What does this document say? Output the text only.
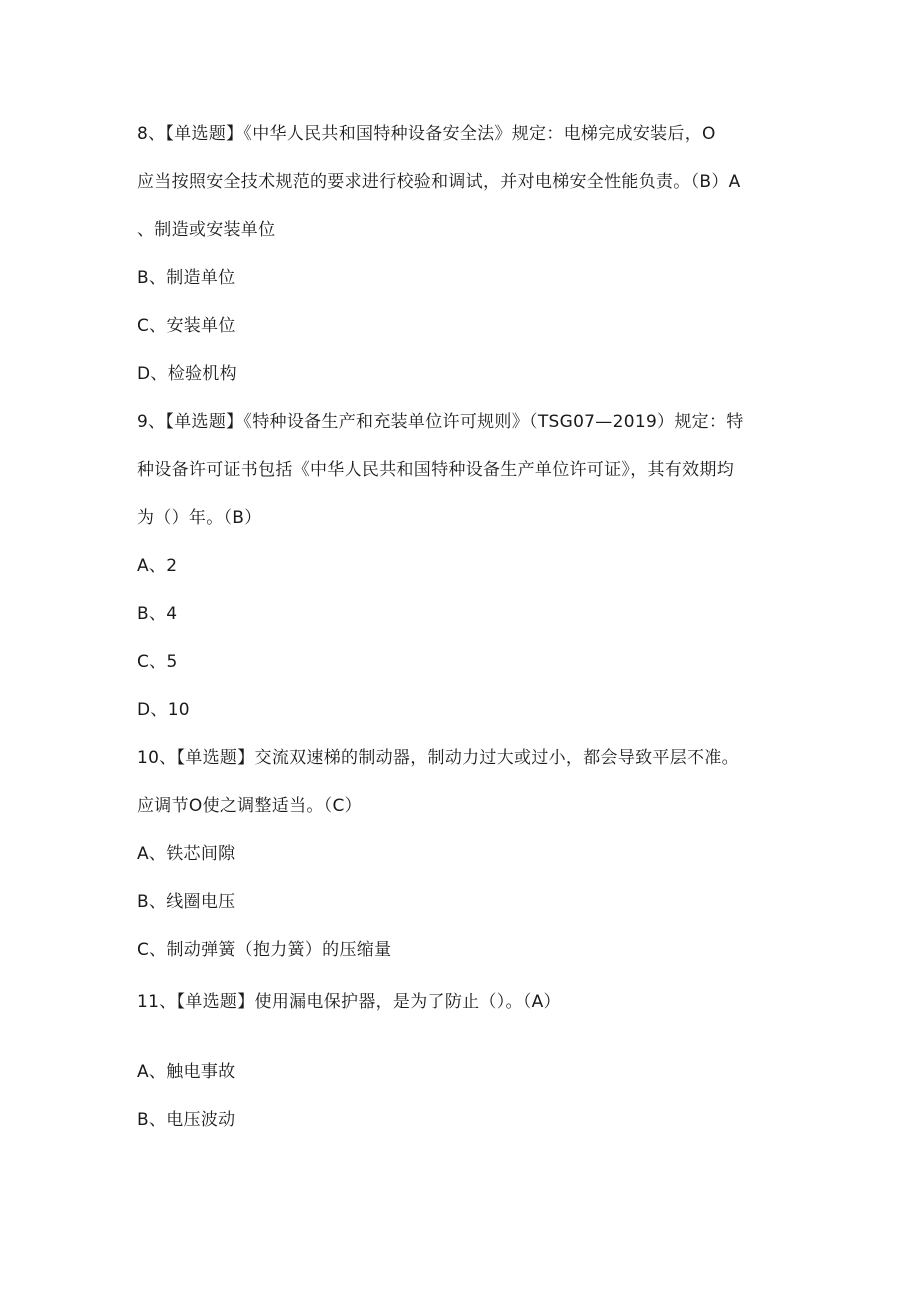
8、【单选题】《中华人民共和国特种设备安全法》规定：电梯完成安装后，O
应当按照安全技术规范的要求进行校验和调试，并对电梯安全性能负责。（B）A
、制造或安装单位
B、制造单位
C、安装单位
D、检验机构
9、【单选题】《特种设备生产和充装单位许可规则》（TSG07—2019）规定：特
种设备许可证书包括《中华人民共和国特种设备生产单位许可证》，其有效期均
为（）年。（B）
A、2
B、4
C、5
D、10
10、【单选题】交流双速梯的制动器，制动力过大或过小，都会导致平层不准。
应调节O使之调整适当。（C）
A、铁芯间隙
B、线圈电压
C、制动弹簧（抱力簧）的压缩量
11、【单选题】使用漏电保护器，是为了防止（）。（A）
A、触电事故
B、电压波动
